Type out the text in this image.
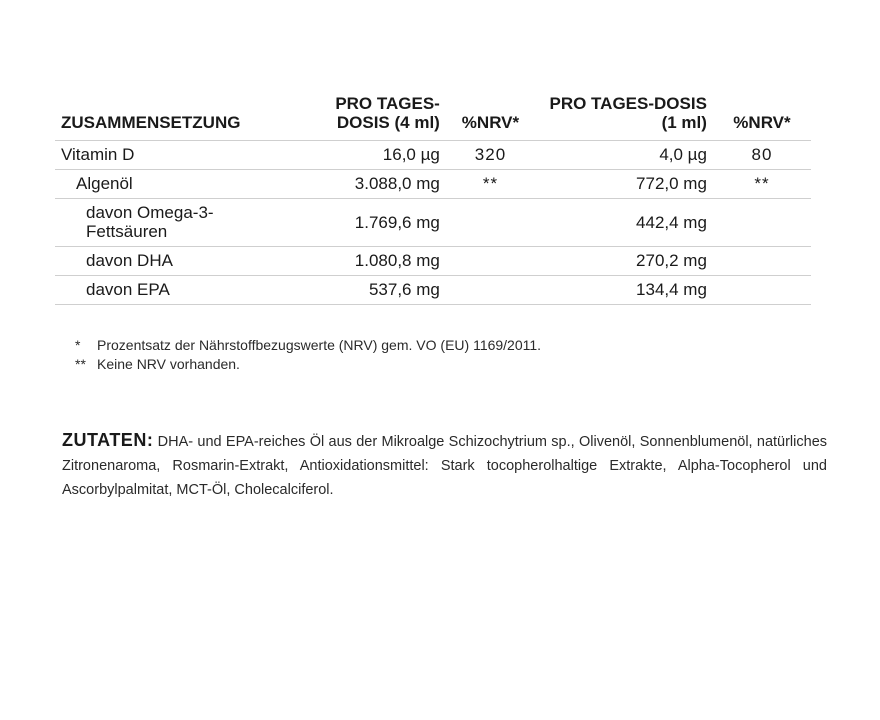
ZUSAMMENSETZUNG	PRO TAGES-DOSIS (4 ml)	%NRV*	PRO TAGES-DOSIS (1 ml)	%NRV*
Vitamin D	16,0 µg	320	4,0 µg	80
Algenöl	3.088,0 mg	**	772,0 mg	**
davon Omega-3-Fettsäuren	1.769,6 mg		442,4 mg	
davon DHA	1.080,8 mg		270,2 mg	
davon EPA	537,6 mg		134,4 mg	
*	Prozentsatz der Nährstoffbezugswerte (NRV) gem. VO (EU) 1169/2011.
** Keine NRV vorhanden.
ZUTATEN: DHA- und EPA-reiches Öl aus der Mikroalge Schizochytrium sp., Olivenöl, Sonnenblumenöl, natürliches Zitronenaroma, Rosmarin-Extrakt, Antioxidationsmittel: Stark tocopherolhaltige Extrakte, Alpha-Tocopherol und Ascorbylpalmitat, MCT-Öl, Cholecalciferol.
